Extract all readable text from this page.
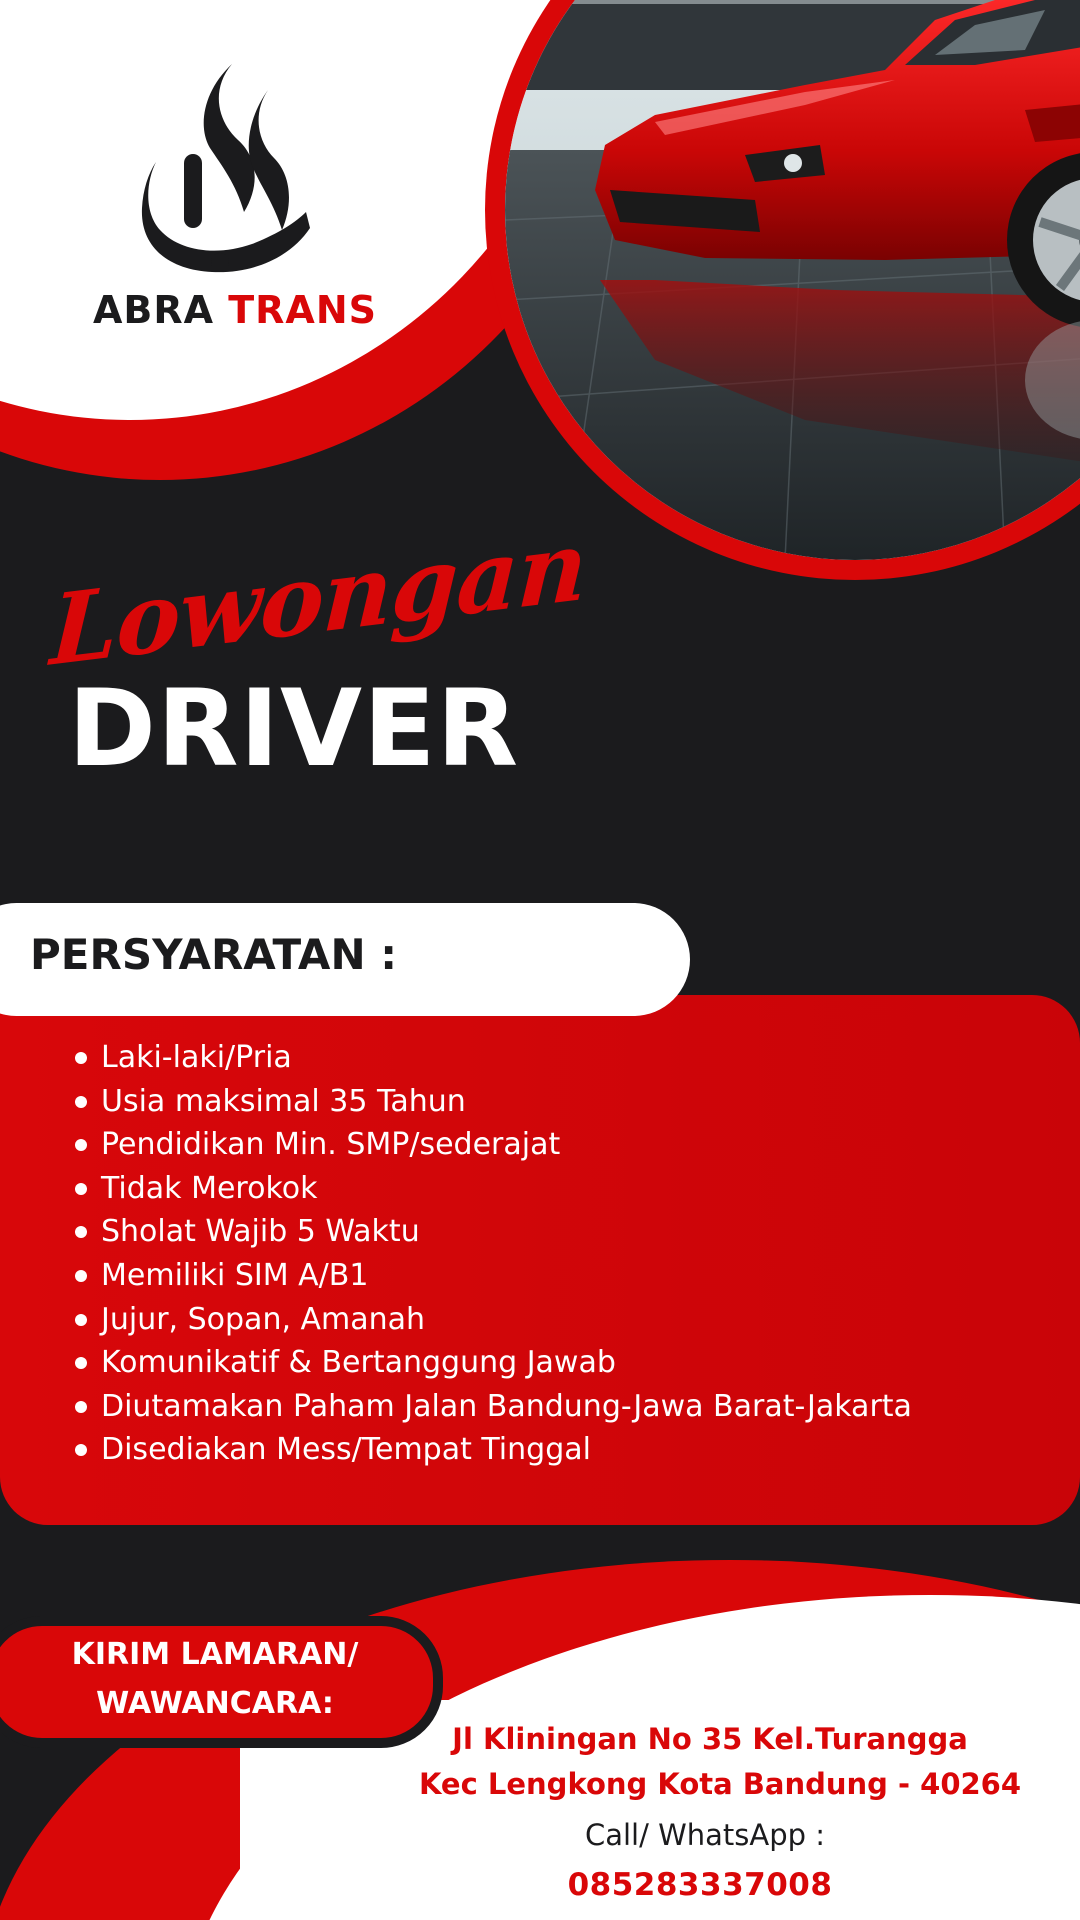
ABRA TRANS
Lowongan
DRIVER
PERSYARATAN :
Laki-laki/Pria
Usia maksimal 35 Tahun
Pendidikan Min. SMP/sederajat
Tidak Merokok
Sholat Wajib 5 Waktu
Memiliki SIM A/B1
Jujur, Sopan, Amanah
Komunikatif & Bertanggung Jawab
Diutamakan Paham Jalan Bandung-Jawa Barat-Jakarta
Disediakan Mess/Tempat Tinggal
KIRIM LAMARAN/
WAWANCARA:
Jl Kliningan No 35 Kel.Turangga
Kec Lengkong Kota Bandung - 40264
Call/ WhatsApp :
085283337008
